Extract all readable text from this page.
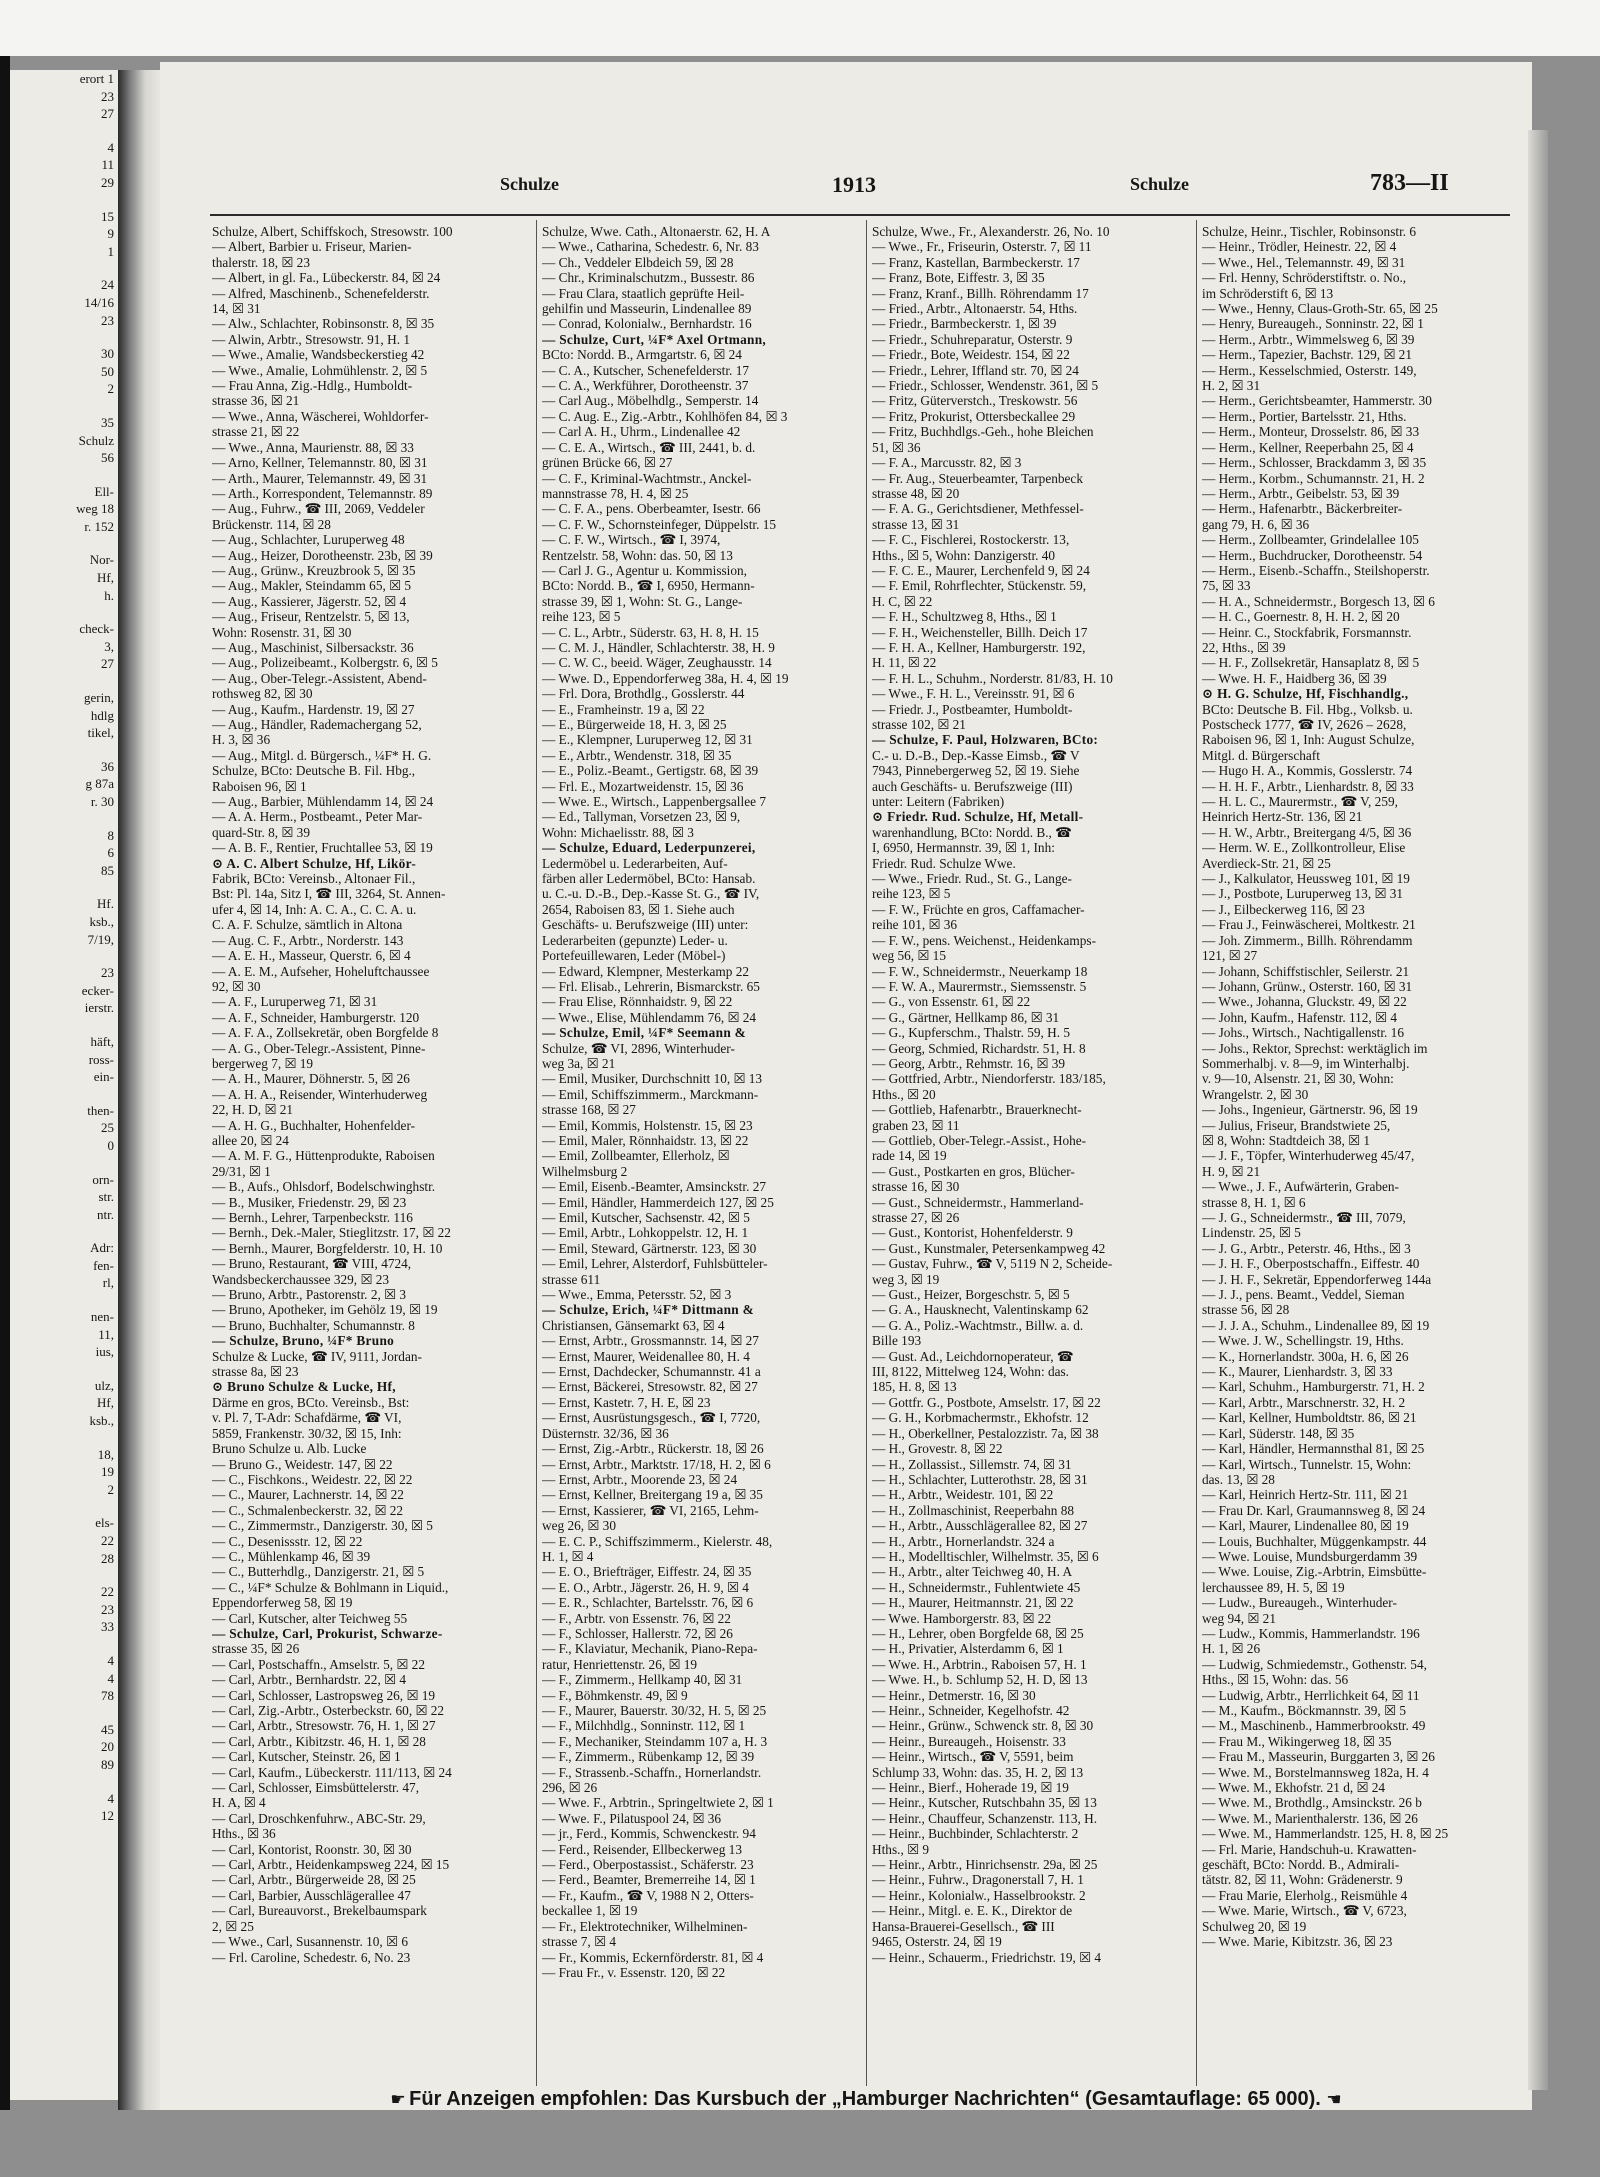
erort 1
23
27
4
11
29
15
9
1
24
14/16
23
30
50
2
35
Schulz
56
Ell-
weg 18
r. 152
Nor-
Hf,
h.
check-
3,
27
gerin,
hdlg
tikel,
36
g 87a
r. 30
8
6
85
Hf.
ksb.,
7/19,
23
ecker-
ierstr.
häft,
ross-
ein-
then-
25
0
orn-
str.
ntr.
Adr:
fen-
rl,
nen-
11,
ius,
ulz,
Hf,
ksb.,
18,
19
2
els-
22
28
22
23
33
4
4
78
45
20
89
4
12
Schulze	1913	Schulze	783—II
Schulze, Albert, Schiffskoch, Stresowstr. 100
— Albert, Barbier u. Friseur, Marien-
thalerstr. 18, ☒ 23
— Albert, in gl. Fa., Lübeckerstr. 84, ☒ 24
— Alfred, Maschinenb., Schenefelderstr.
14, ☒ 31
— Alw., Schlachter, Robinsonstr. 8, ☒ 35
— Alwin, Arbtr., Stresowstr. 91, H. 1
— Wwe., Amalie, Wandsbeckerstieg 42
— Wwe., Amalie, Lohmühlenstr. 2, ☒ 5
— Frau Anna, Zig.-Hdlg., Humboldt-
strasse 36, ☒ 21
— Wwe., Anna, Wäscherei, Wohldorfer-
strasse 21, ☒ 22
— Wwe., Anna, Maurienstr. 88, ☒ 33
— Arno, Kellner, Telemannstr. 80, ☒ 31
— Arth., Maurer, Telemannstr. 49, ☒ 31
— Arth., Korrespondent, Telemannstr. 89
— Aug., Fuhrw., ☎ III, 2069, Veddeler
Brückenstr. 114, ☒ 28
— Aug., Schlachter, Luruperweg 48
— Aug., Heizer, Dorotheenstr. 23b, ☒ 39
— Aug., Grünw., Kreuzbrook 5, ☒ 35
— Aug., Makler, Steindamm 65, ☒ 5
— Aug., Kassierer, Jägerstr. 52, ☒ 4
— Aug., Friseur, Rentzelstr. 5, ☒ 13,
Wohn: Rosenstr. 31, ☒ 30
— Aug., Maschinist, Silbersackstr. 36
— Aug., Polizeibeamt., Kolbergstr. 6, ☒ 5
— Aug., Ober-Telegr.-Assistent, Abend-
rothsweg 82, ☒ 30
— Aug., Kaufm., Hardenstr. 19, ☒ 27
— Aug., Händler, Rademachergang 52,
H. 3, ☒ 36
— Aug., Mitgl. d. Bürgersch., ¼F* H. G.
Schulze, BCto: Deutsche B. Fil. Hbg.,
Raboisen 96, ☒ 1
— Aug., Barbier, Mühlendamm 14, ☒ 24
— A. A. Herm., Postbeamt., Peter Mar-
quard-Str. 8, ☒ 39
— A. B. F., Rentier, Fruchtallee 53, ☒ 19
⊙ A. C. Albert Schulze, Hf, Likör-
Fabrik, BCto: Vereinsb., Altonaer Fil.,
Bst: Pl. 14a, Sitz I, ☎ III, 3264, St. Annen-
ufer 4, ☒ 14, Inh: A. C. A., C. C. A. u.
C. A. F. Schulze, sämtlich in Altona
— Aug. C. F., Arbtr., Norderstr. 143
— A. E. H., Masseur, Querstr. 6, ☒ 4
— A. E. M., Aufseher, Hoheluftchaussee
92, ☒ 30
— A. F., Luruperweg 71, ☒ 31
— A. F., Schneider, Hamburgerstr. 120
— A. F. A., Zollsekretär, oben Borgfelde 8
— A. G., Ober-Telegr.-Assistent, Pinne-
bergerweg 7, ☒ 19
— A. H., Maurer, Döhnerstr. 5, ☒ 26
— A. H. A., Reisender, Winterhuderweg
22, H. D, ☒ 21
— A. H. G., Buchhalter, Hohenfelder-
allee 20, ☒ 24
— A. M. F. G., Hüttenprodukte, Raboisen
29/31, ☒ 1
— B., Aufs., Ohlsdorf, Bodelschwinghstr.
— B., Musiker, Friedenstr. 29, ☒ 23
— Bernh., Lehrer, Tarpenbeckstr. 116
— Bernh., Dek.-Maler, Stieglitzstr. 17, ☒ 22
— Bernh., Maurer, Borgfelderstr. 10, H. 10
— Bruno, Restaurant, ☎ VIII, 4724,
Wandsbeckerchaussee 329, ☒ 23
— Bruno, Arbtr., Pastorenstr. 2, ☒ 3
— Bruno, Apotheker, im Gehölz 19, ☒ 19
— Bruno, Buchhalter, Schumannstr. 8
— Schulze, Bruno, ¼F* Bruno
Schulze & Lucke, ☎ IV, 9111, Jordan-
strasse 8a, ☒ 23
⊙ Bruno Schulze & Lucke, Hf,
Därme en gros, BCto. Vereinsb., Bst:
v. Pl. 7, T-Adr: Schafdärme, ☎ VI,
5859, Frankenstr. 30/32, ☒ 15, Inh:
Bruno Schulze u. Alb. Lucke
— Bruno G., Weidestr. 147, ☒ 22
— C., Fischkons., Weidestr. 22, ☒ 22
— C., Maurer, Lachnerstr. 14, ☒ 22
— C., Schmalenbeckerstr. 32, ☒ 22
— C., Zimmermstr., Danzigerstr. 30, ☒ 5
— C., Desenissstr. 12, ☒ 22
— C., Mühlenkamp 46, ☒ 39
— C., Butterhdlg., Danzigerstr. 21, ☒ 5
— C., ¼F* Schulze & Bohlmann in Liquid.,
Eppendorferweg 58, ☒ 19
— Carl, Kutscher, alter Teichweg 55
— Schulze, Carl, Prokurist, Schwarze-
strasse 35, ☒ 26
— Carl, Postschaffn., Amselstr. 5, ☒ 22
— Carl, Arbtr., Bernhardstr. 22, ☒ 4
— Carl, Schlosser, Lastropsweg 26, ☒ 19
— Carl, Zig.-Arbtr., Osterbeckstr. 60, ☒ 22
— Carl, Arbtr., Stresowstr. 76, H. 1, ☒ 27
— Carl, Arbtr., Kibitzstr. 46, H. 1, ☒ 28
— Carl, Kutscher, Steinstr. 26, ☒ 1
— Carl, Kaufm., Lübeckerstr. 111/113, ☒ 24
— Carl, Schlosser, Eimsbüttelerstr. 47,
H. A, ☒ 4
— Carl, Droschkenfuhrw., ABC-Str. 29,
Hths., ☒ 36
— Carl, Kontorist, Roonstr. 30, ☒ 30
— Carl, Arbtr., Heidenkampsweg 224, ☒ 15
— Carl, Arbtr., Bürgerweide 28, ☒ 25
— Carl, Barbier, Ausschlägerallee 47
— Carl, Bureauvorst., Brekelbaumspark
2, ☒ 25
— Wwe., Carl, Susannenstr. 10, ☒ 6
— Frl. Caroline, Schedestr. 6, No. 23
Schulze, Wwe. Cath., Altonaerstr. 62, H. A
— Wwe., Catharina, Schedestr. 6, Nr. 83
— Ch., Veddeler Elbdeich 59, ☒ 28
— Chr., Kriminalschutzm., Bussestr. 86
— Frau Clara, staatlich geprüfte Heil-
gehilfin und Masseurin, Lindenallee 89
— Conrad, Kolonialw., Bernhardstr. 16
— Schulze, Curt, ¼F* Axel Ortmann,
BCto: Nordd. B., Armgartstr. 6, ☒ 24
— C. A., Kutscher, Schenefelderstr. 17
— C. A., Werkführer, Dorotheenstr. 37
— Carl Aug., Möbelhdlg., Semperstr. 14
— C. Aug. E., Zig.-Arbtr., Kohlhöfen 84, ☒ 3
— Carl A. H., Uhrm., Lindenallee 42
— C. E. A., Wirtsch., ☎ III, 2441, b. d.
grünen Brücke 66, ☒ 27
— C. F., Kriminal-Wachtmstr., Anckel-
mannstrasse 78, H. 4, ☒ 25
— C. F. A., pens. Oberbeamter, Isestr. 66
— C. F. W., Schornsteinfeger, Düppelstr. 15
— C. F. W., Wirtsch., ☎ I, 3974,
Rentzelstr. 58, Wohn: das. 50, ☒ 13
— Carl J. G., Agentur u. Kommission,
BCto: Nordd. B., ☎ I, 6950, Hermann-
strasse 39, ☒ 1, Wohn: St. G., Lange-
reihe 123, ☒ 5
— C. L., Arbtr., Süderstr. 63, H. 8, H. 15
— C. M. J., Händler, Schlachterstr. 38, H. 9
— C. W. C., beeid. Wäger, Zeughausstr. 14
— Wwe. D., Eppendorferweg 38a, H. 4, ☒ 19
— Frl. Dora, Brothdlg., Gosslerstr. 44
— E., Framheinstr. 19 a, ☒ 22
— E., Bürgerweide 18, H. 3, ☒ 25
— E., Klempner, Luruperweg 12, ☒ 31
— E., Arbtr., Wendenstr. 318, ☒ 35
— E., Poliz.-Beamt., Gertigstr. 68, ☒ 39
— Frl. E., Mozartweidenstr. 15, ☒ 36
— Wwe. E., Wirtsch., Lappenbergsallee 7
— Ed., Tallyman, Vorsetzen 23, ☒ 9,
Wohn: Michaelisstr. 88, ☒ 3
— Schulze, Eduard, Lederpunzerei,
Ledermöbel u. Lederarbeiten, Auf-
färben aller Ledermöbel, BCto: Hansab.
u. C.-u. D.-B., Dep.-Kasse St. G., ☎ IV,
2654, Raboisen 83, ☒ 1. Siehe auch
Geschäfts- u. Berufszweige (III) unter:
Lederarbeiten (gepunzte) Leder- u.
Portefeuillewaren, Leder (Möbel-)
— Edward, Klempner, Mesterkamp 22
— Frl. Elisab., Lehrerin, Bismarckstr. 65
— Frau Elise, Rönnhaidstr. 9, ☒ 22
— Wwe., Elise, Mühlendamm 76, ☒ 24
— Schulze, Emil, ¼F* Seemann &
Schulze, ☎ VI, 2896, Winterhuder-
weg 3a, ☒ 21
— Emil, Musiker, Durchschnitt 10, ☒ 13
— Emil, Schiffszimmerm., Marckmann-
strasse 168, ☒ 27
— Emil, Kommis, Holstenstr. 15, ☒ 23
— Emil, Maler, Rönnhaidstr. 13, ☒ 22
— Emil, Zollbeamter, Ellerholz, ☒
Wilhelmsburg 2
— Emil, Eisenb.-Beamter, Amsinckstr. 27
— Emil, Händler, Hammerdeich 127, ☒ 25
— Emil, Kutscher, Sachsenstr. 42, ☒ 5
— Emil, Arbtr., Lohkoppelstr. 12, H. 1
— Emil, Steward, Gärtnerstr. 123, ☒ 30
— Emil, Lehrer, Alsterdorf, Fuhlsbütteler-
strasse 611
— Wwe., Emma, Petersstr. 52, ☒ 3
— Schulze, Erich, ¼F* Dittmann &
Christiansen, Gänsemarkt 63, ☒ 4
— Ernst, Arbtr., Grossmannstr. 14, ☒ 27
— Ernst, Maurer, Weidenallee 80, H. 4
— Ernst, Dachdecker, Schumannstr. 41 a
— Ernst, Bäckerei, Stresowstr. 82, ☒ 27
— Ernst, Kastetr. 7, H. E, ☒ 23
— Ernst, Ausrüstungsgesch., ☎ I, 7720,
Düsternstr. 32/36, ☒ 36
— Ernst, Zig.-Arbtr., Rückerstr. 18, ☒ 26
— Ernst, Arbtr., Marktstr. 17/18, H. 2, ☒ 6
— Ernst, Arbtr., Moorende 23, ☒ 24
— Ernst, Kellner, Breitergang 19 a, ☒ 35
— Ernst, Kassierer, ☎ VI, 2165, Lehm-
weg 26, ☒ 30
— E. C. P., Schiffszimmerm., Kielerstr. 48,
H. 1, ☒ 4
— E. O., Briefträger, Eiffestr. 24, ☒ 35
— E. O., Arbtr., Jägerstr. 26, H. 9, ☒ 4
— E. R., Schlachter, Bartelsstr. 76, ☒ 6
— F., Arbtr. von Essenstr. 76, ☒ 22
— F., Schlosser, Hallerstr. 72, ☒ 26
— F., Klaviatur, Mechanik, Piano-Repa-
ratur, Henriettenstr. 26, ☒ 19
— F., Zimmerm., Hellkamp 40, ☒ 31
— F., Böhmkenstr. 49, ☒ 9
— F., Maurer, Bauerstr. 30/32, H. 5, ☒ 25
— F., Milchhdlg., Sonninstr. 112, ☒ 1
— F., Mechaniker, Steindamm 107 a, H. 3
— F., Zimmerm., Rübenkamp 12, ☒ 39
— F., Strassenb.-Schaffn., Hornerlandstr.
296, ☒ 26
— Wwe. F., Arbtrin., Springeltwiete 2, ☒ 1
— Wwe. F., Pilatuspool 24, ☒ 36
— jr., Ferd., Kommis, Schwenckestr. 94
— Ferd., Reisender, Ellbeckerweg 13
— Ferd., Oberpostassist., Schäferstr. 23
— Ferd., Beamter, Bremerreihe 14, ☒ 1
— Fr., Kaufm., ☎ V, 1988 N 2, Otters-
beckallee 1, ☒ 19
— Fr., Elektrotechniker, Wilhelminen-
strasse 7, ☒ 4
— Fr., Kommis, Eckernförderstr. 81, ☒ 4
— Frau Fr., v. Essenstr. 120, ☒ 22
Schulze, Wwe., Fr., Alexanderstr. 26, No. 10
— Wwe., Fr., Friseurin, Osterstr. 7, ☒ 11
— Franz, Kastellan, Barmbeckerstr. 17
— Franz, Bote, Eiffestr. 3, ☒ 35
— Franz, Kranf., Billh. Röhrendamm 17
— Fried., Arbtr., Altonaerstr. 54, Hths.
— Friedr., Barmbeckerstr. 1, ☒ 39
— Friedr., Schuhreparatur, Osterstr. 9
— Friedr., Bote, Weidestr. 154, ☒ 22
— Friedr., Lehrer, Iffland str. 70, ☒ 24
— Friedr., Schlosser, Wendenstr. 361, ☒ 5
— Fritz, Güterverstch., Treskowstr. 56
— Fritz, Prokurist, Ottersbeckallee 29
— Fritz, Buchhdlgs.-Geh., hohe Bleichen
51, ☒ 36
— F. A., Marcusstr. 82, ☒ 3
— Fr. Aug., Steuerbeamter, Tarpenbeck
strasse 48, ☒ 20
— F. A. G., Gerichtsdiener, Methfessel-
strasse 13, ☒ 31
— F. C., Fischlerei, Rostockerstr. 13,
Hths., ☒ 5, Wohn: Danzigerstr. 40
— F. C. E., Maurer, Lerchenfeld 9, ☒ 24
— F. Emil, Rohrflechter, Stückenstr. 59,
H. C, ☒ 22
— F. H., Schultzweg 8, Hths., ☒ 1
— F. H., Weichensteller, Billh. Deich 17
— F. H. A., Kellner, Hamburgerstr. 192,
H. 11, ☒ 22
— F. H. L., Schuhm., Norderstr. 81/83, H. 10
— Wwe., F. H. L., Vereinsstr. 91, ☒ 6
— Friedr. J., Postbeamter, Humboldt-
strasse 102, ☒ 21
— Schulze, F. Paul, Holzwaren, BCto:
C.- u. D.-B., Dep.-Kasse Eimsb., ☎ V
7943, Pinnebergerweg 52, ☒ 19. Siehe
auch Geschäfts- u. Berufszweige (III)
unter: Leitern (Fabriken)
⊙ Friedr. Rud. Schulze, Hf, Metall-
warenhandlung, BCto: Nordd. B., ☎
I, 6950, Hermannstr. 39, ☒ 1, Inh:
Friedr. Rud. Schulze Wwe.
— Wwe., Friedr. Rud., St. G., Lange-
reihe 123, ☒ 5
— F. W., Früchte en gros, Caffamacher-
reihe 101, ☒ 36
— F. W., pens. Weichenst., Heidenkamps-
weg 56, ☒ 15
— F. W., Schneidermstr., Neuerkamp 18
— F. W. A., Maurermstr., Siemssenstr. 5
— G., von Essenstr. 61, ☒ 22
— G., Gärtner, Hellkamp 86, ☒ 31
— G., Kupferschm., Thalstr. 59, H. 5
— Georg, Schmied, Richardstr. 51, H. 8
— Georg, Arbtr., Rehmstr. 16, ☒ 39
— Gottfried, Arbtr., Niendorferstr. 183/185,
Hths., ☒ 20
— Gottlieb, Hafenarbtr., Brauerknecht-
graben 23, ☒ 11
— Gottlieb, Ober-Telegr.-Assist., Hohe-
rade 14, ☒ 19
— Gust., Postkarten en gros, Blücher-
strasse 16, ☒ 30
— Gust., Schneidermstr., Hammerland-
strasse 27, ☒ 26
— Gust., Kontorist, Hohenfelderstr. 9
— Gust., Kunstmaler, Petersenkampweg 42
— Gustav, Fuhrw., ☎ V, 5119 N 2, Scheide-
weg 3, ☒ 19
— Gust., Heizer, Borgeschstr. 5, ☒ 5
— G. A., Hausknecht, Valentinskamp 62
— G. A., Poliz.-Wachtmstr., Billw. a. d.
Bille 193
— Gust. Ad., Leichdornoperateur, ☎
III, 8122, Mittelweg 124, Wohn: das.
185, H. 8, ☒ 13
— Gottfr. G., Postbote, Amselstr. 17, ☒ 22
— G. H., Korbmachermstr., Ekhofstr. 12
— H., Oberkellner, Pestalozzistr. 7a, ☒ 38
— H., Grovestr. 8, ☒ 22
— H., Zollassist., Sillemstr. 74, ☒ 31
— H., Schlachter, Lutterothstr. 28, ☒ 31
— H., Arbtr., Weidestr. 101, ☒ 22
— H., Zollmaschinist, Reeperbahn 88
— H., Arbtr., Ausschlägerallee 82, ☒ 27
— H., Arbtr., Hornerlandstr. 324 a
— H., Modelltischler, Wilhelmstr. 35, ☒ 6
— H., Arbtr., alter Teichweg 40, H. A
— H., Schneidermstr., Fuhlentwiete 45
— H., Maurer, Heitmannstr. 21, ☒ 22
— Wwe. Hamborgerstr. 83, ☒ 22
— H., Lehrer, oben Borgfelde 68, ☒ 25
— H., Privatier, Alsterdamm 6, ☒ 1
— Wwe. H., Arbtrin., Raboisen 57, H. 1
— Wwe. H., b. Schlump 52, H. D, ☒ 13
— Heinr., Detmerstr. 16, ☒ 30
— Heinr., Schneider, Kegelhofstr. 42
— Heinr., Grünw., Schwenck str. 8, ☒ 30
— Heinr., Bureaugeh., Hoisenstr. 33
— Heinr., Wirtsch., ☎ V, 5591, beim
Schlump 33, Wohn: das. 35, H. 2, ☒ 13
— Heinr., Bierf., Hoherade 19, ☒ 19
— Heinr., Kutscher, Rutschbahn 35, ☒ 13
— Heinr., Chauffeur, Schanzenstr. 113, H.
— Heinr., Buchbinder, Schlachterstr. 2
Hths., ☒ 9
— Heinr., Arbtr., Hinrichsenstr. 29a, ☒ 25
— Heinr., Fuhrw., Dragonerstall 7, H. 1
— Heinr., Kolonialw., Hasselbrookstr. 2
— Heinr., Mitgl. e. E. K., Direktor de
Hansa-Brauerei-Gesellsch., ☎ III
9465, Osterstr. 24, ☒ 19
— Heinr., Schauerm., Friedrichstr. 19, ☒ 4
Schulze, Heinr., Tischler, Robinsonstr. 6
— Heinr., Trödler, Heinestr. 22, ☒ 4
— Wwe., Hel., Telemannstr. 49, ☒ 31
— Frl. Henny, Schröderstiftstr. o. No.,
im Schröderstift 6, ☒ 13
— Wwe., Henny, Claus-Groth-Str. 65, ☒ 25
— Henry, Bureaugeh., Sonninstr. 22, ☒ 1
— Herm., Arbtr., Wimmelsweg 6, ☒ 39
— Herm., Tapezier, Bachstr. 129, ☒ 21
— Herm., Kesselschmied, Osterstr. 149,
H. 2, ☒ 31
— Herm., Gerichtsbeamter, Hammerstr. 30
— Herm., Portier, Bartelsstr. 21, Hths.
— Herm., Monteur, Drosselstr. 86, ☒ 33
— Herm., Kellner, Reeperbahn 25, ☒ 4
— Herm., Schlosser, Brackdamm 3, ☒ 35
— Herm., Korbm., Schumannstr. 21, H. 2
— Herm., Arbtr., Geibelstr. 53, ☒ 39
— Herm., Hafenarbtr., Bäckerbreiter-
gang 79, H. 6, ☒ 36
— Herm., Zollbeamter, Grindelallee 105
— Herm., Buchdrucker, Dorotheenstr. 54
— Herm., Eisenb.-Schaffn., Steilshoperstr.
75, ☒ 33
— H. A., Schneidermstr., Borgesch 13, ☒ 6
— H. C., Goernestr. 8, H. H. 2, ☒ 20
— Heinr. C., Stockfabrik, Forsmannstr.
22, Hths., ☒ 39
— H. F., Zollsekretär, Hansaplatz 8, ☒ 5
— Wwe. H. F., Haidberg 36, ☒ 39
⊙ H. G. Schulze, Hf, Fischhandlg.,
BCto: Deutsche B. Fil. Hbg., Volksb. u.
Postscheck 1777, ☎ IV, 2626 – 2628,
Raboisen 96, ☒ 1, Inh: August Schulze,
Mitgl. d. Bürgerschaft
— Hugo H. A., Kommis, Gosslerstr. 74
— H. H. F., Arbtr., Lienhardstr. 8, ☒ 33
— H. L. C., Maurermstr., ☎ V, 259,
Heinrich Hertz-Str. 136, ☒ 21
— H. W., Arbtr., Breitergang 4/5, ☒ 36
— Herm. W. E., Zollkontrolleur, Elise
Averdieck-Str. 21, ☒ 25
— J., Kalkulator, Heussweg 101, ☒ 19
— J., Postbote, Luruperweg 13, ☒ 31
— J., Eilbeckerweg 116, ☒ 23
— Frau J., Feinwäscherei, Moltkestr. 21
— Joh. Zimmerm., Billh. Röhrendamm
121, ☒ 27
— Johann, Schiffstischler, Seilerstr. 21
— Johann, Grünw., Osterstr. 160, ☒ 31
— Wwe., Johanna, Gluckstr. 49, ☒ 22
— John, Kaufm., Hafenstr. 112, ☒ 4
— Johs., Wirtsch., Nachtigallenstr. 16
— Johs., Rektor, Sprechst: werktäglich im
Sommerhalbj. v. 8—9, im Winterhalbj.
v. 9—10, Alsenstr. 21, ☒ 30, Wohn:
Wrangelstr. 2, ☒ 30
— Johs., Ingenieur, Gärtnerstr. 96, ☒ 19
— Julius, Friseur, Brandstwiete 25,
☒ 8, Wohn: Stadtdeich 38, ☒ 1
— J. F., Töpfer, Winterhuderweg 45/47,
H. 9, ☒ 21
— Wwe., J. F., Aufwärterin, Graben-
strasse 8, H. 1, ☒ 6
— J. G., Schneidermstr., ☎ III, 7079,
Lindenstr. 25, ☒ 5
— J. G., Arbtr., Peterstr. 46, Hths., ☒ 3
— J. H. F., Oberpostschaffn., Eiffestr. 40
— J. H. F., Sekretär, Eppendorferweg 144a
— J. J., pens. Beamt., Veddel, Sieman
strasse 56, ☒ 28
— J. J. A., Schuhm., Lindenallee 89, ☒ 19
— Wwe. J. W., Schellingstr. 19, Hths.
— K., Hornerlandstr. 300a, H. 6, ☒ 26
— K., Maurer, Lienhardstr. 3, ☒ 33
— Karl, Schuhm., Hamburgerstr. 71, H. 2
— Karl, Arbtr., Marschnerstr. 32, H. 2
— Karl, Kellner, Humboldtstr. 86, ☒ 21
— Karl, Süderstr. 148, ☒ 35
— Karl, Händler, Hermannsthal 81, ☒ 25
— Karl, Wirtsch., Tunnelstr. 15, Wohn:
das. 13, ☒ 28
— Karl, Heinrich Hertz-Str. 111, ☒ 21
— Frau Dr. Karl, Graumannsweg 8, ☒ 24
— Karl, Maurer, Lindenallee 80, ☒ 19
— Louis, Buchhalter, Müggenkampstr. 44
— Wwe. Louise, Mundsburgerdamm 39
— Wwe. Louise, Zig.-Arbtrin, Eimsbütte-
lerchaussee 89, H. 5, ☒ 19
— Ludw., Bureaugeh., Winterhuder-
weg 94, ☒ 21
— Ludw., Kommis, Hammerlandstr. 196
H. 1, ☒ 26
— Ludwig, Schmiedemstr., Gothenstr. 54,
Hths., ☒ 15, Wohn: das. 56
— Ludwig, Arbtr., Herrlichkeit 64, ☒ 11
— M., Kaufm., Böckmannstr. 39, ☒ 5
— M., Maschinenb., Hammerbrookstr. 49
— Frau M., Wikingerweg 18, ☒ 35
— Frau M., Masseurin, Burggarten 3, ☒ 26
— Wwe. M., Borstelmannsweg 182a, H. 4
— Wwe. M., Ekhofstr. 21 d, ☒ 24
— Wwe. M., Brothdlg., Amsinckstr. 26 b
— Wwe. M., Marienthalerstr. 136, ☒ 26
— Wwe. M., Hammerlandstr. 125, H. 8, ☒ 25
— Frl. Marie, Handschuh-u. Krawatten-
geschäft, BCto: Nordd. B., Admirali-
tätstr. 82, ☒ 11, Wohn: Grädenerstr. 9
— Frau Marie, Elerholg., Reismühle 4
— Wwe. Marie, Wirtsch., ☎ V, 6723,
Schulweg 20, ☒ 19
— Wwe. Marie, Kibitzstr. 36, ☒ 23
☛ Für Anzeigen empfohlen: Das Kursbuch der „Hamburger Nachrichten“ (Gesamtauflage: 65 000). ☚
